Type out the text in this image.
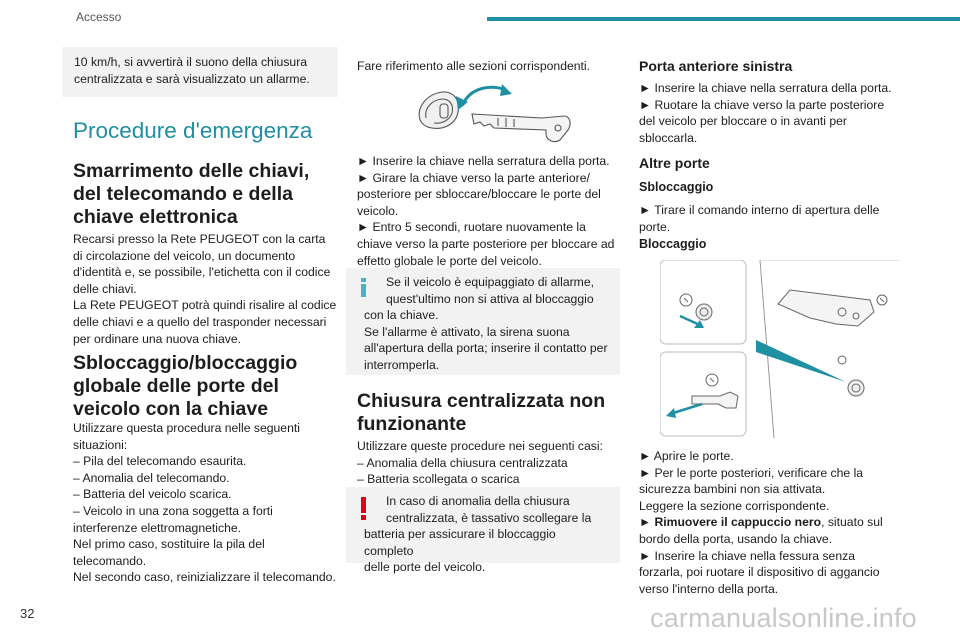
Accesso

10 km/h, si avvertirà il suono della chiusura

centralizzata e sarà visualizzato un allarme.

Procedure d'emergenza
Smarrimento delle chiavi,
del telecomando e della
chiave elettronica

Recarsi presso la Rete PEUGEOT con la carta

di circolazione del veicolo, un documento

d'identità e, se possibile, l'etichetta con il codice

delle chiavi.

La Rete PEUGEOT potrà quindi risalire al codice

delle chiavi e a quello del trasponder necessari

per ordinare una nuova chiave.

Sbloccaggio/bloccaggio
globale delle porte del
veicolo con la chiave

Utilizzare questa procedura nelle seguenti

situazioni:

– Pila del telecomando esaurita.

– Anomalia del telecomando.

– Batteria del veicolo scarica.

– Veicolo in una zona soggetta a forti

interferenze elettromagnetiche.

Nel primo caso, sostituire la pila del

telecomando.

Nel secondo caso, reinizializzare il telecomando.

Fare riferimento alle sezioni corrispondenti.

► Inserire la chiave nella serratura della porta.

► Girare la chiave verso la parte anteriore/

posteriore per sbloccare/bloccare le porte del

veicolo.

► Entro 5 secondi, ruotare nuovamente la

chiave verso la parte posteriore per bloccare ad

effetto globale le porte del veicolo.

Se il veicolo è equipaggiato di allarme,

quest'ultimo non si attiva al bloccaggio

con la chiave.

Se l'allarme è attivato, la sirena suona

all'apertura della porta; inserire il contatto per

interromperla.

Chiusura centralizzata non
funzionante

Utilizzare queste procedure nei seguenti casi:

– Anomalia della chiusura centralizzata

– Batteria scollegata o scarica

In caso di anomalia della chiusura

centralizzata, è tassativo scollegare la

batteria per assicurare il bloccaggio completo

delle porte del veicolo.

Porta anteriore sinistra

► Inserire la chiave nella serratura della porta.

► Ruotare la chiave verso la parte posteriore

del veicolo per bloccare o in avanti per

sbloccarla.

Altre porte
Sbloccaggio

► Tirare il comando interno di apertura delle

porte.

Bloccaggio

► Aprire le porte.

► Per le porte posteriori, verificare che la

sicurezza bambini non sia attivata.

Leggere la sezione corrispondente.

► Rimuovere il cappuccio nero, situato sul

bordo della porta, usando la chiave.

► Inserire la chiave nella fessura senza

forzarla, poi ruotare il dispositivo di aggancio

verso l'interno della porta.

32	carmanualsonline.info
